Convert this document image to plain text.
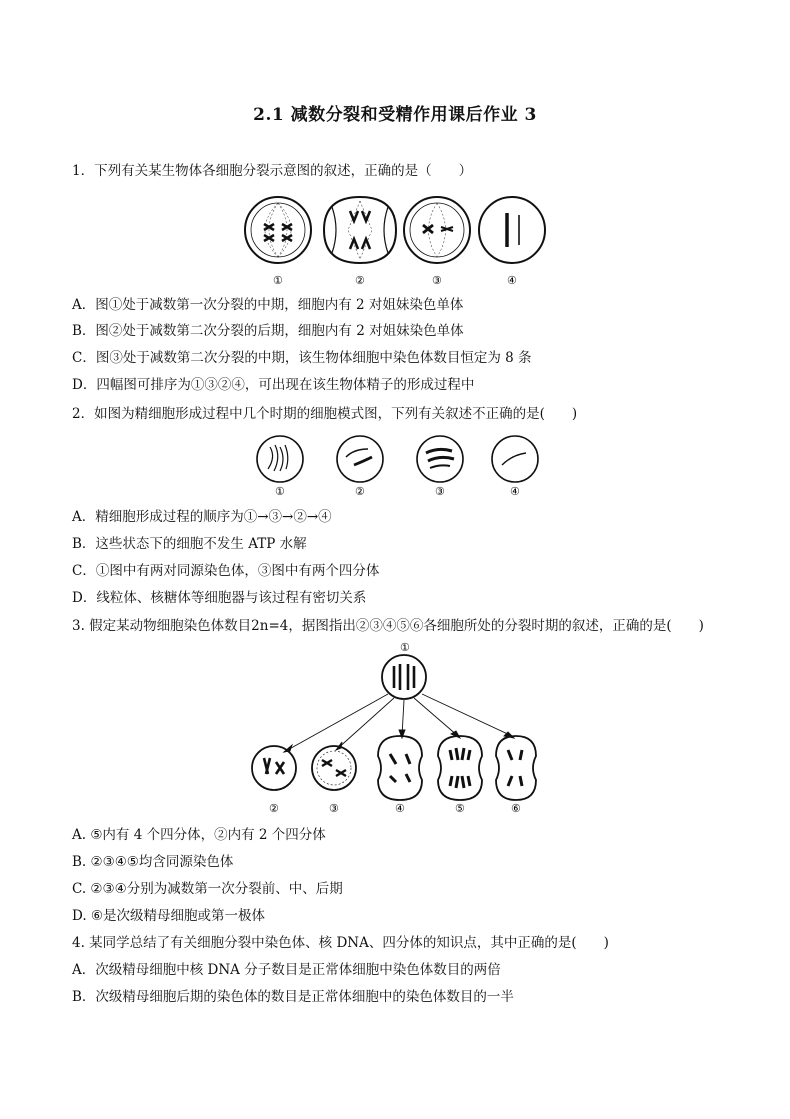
2.1 减数分裂和受精作用课后作业 3
1．下列有关某生物体各细胞分裂示意图的叙述，正确的是（　　）
①	②	③	④
A．图①处于减数第一次分裂的中期，细胞内有 2 对姐妹染色单体
B．图②处于减数第二次分裂的后期，细胞内有 2 对姐妹染色单体
C．图③处于减数第二次分裂的中期，该生物体细胞中染色体数目恒定为 8 条
D．四幅图可排序为①③②④，可出现在该生物体精子的形成过程中
2．如图为精细胞形成过程中几个时期的细胞模式图，下列有关叙述不正确的是(　　)
①	②	③	④
A．精细胞形成过程的顺序为①→③→②→④
B．这些状态下的细胞不发生 ATP 水解
C．①图中有两对同源染色体，③图中有两个四分体
D．线粒体、核糖体等细胞器与该过程有密切关系
3. 假定某动物细胞染色体数目2n=4，据图指出②③④⑤⑥各细胞所处的分裂时期的叙述，正确的是(　　)
①
②	③	④	⑤	⑥
A. ⑤内有 4 个四分体，②内有 2 个四分体
B. ②③④⑤均含同源染色体
C. ②③④分别为减数第一次分裂前、中、后期
D. ⑥是次级精母细胞或第一极体
4. 某同学总结了有关细胞分裂中染色体、核 DNA、四分体的知识点，其中正确的是(　　)
A．次级精母细胞中核 DNA 分子数目是正常体细胞中染色体数目的两倍
B．次级精母细胞后期的染色体的数目是正常体细胞中的染色体数目的一半
